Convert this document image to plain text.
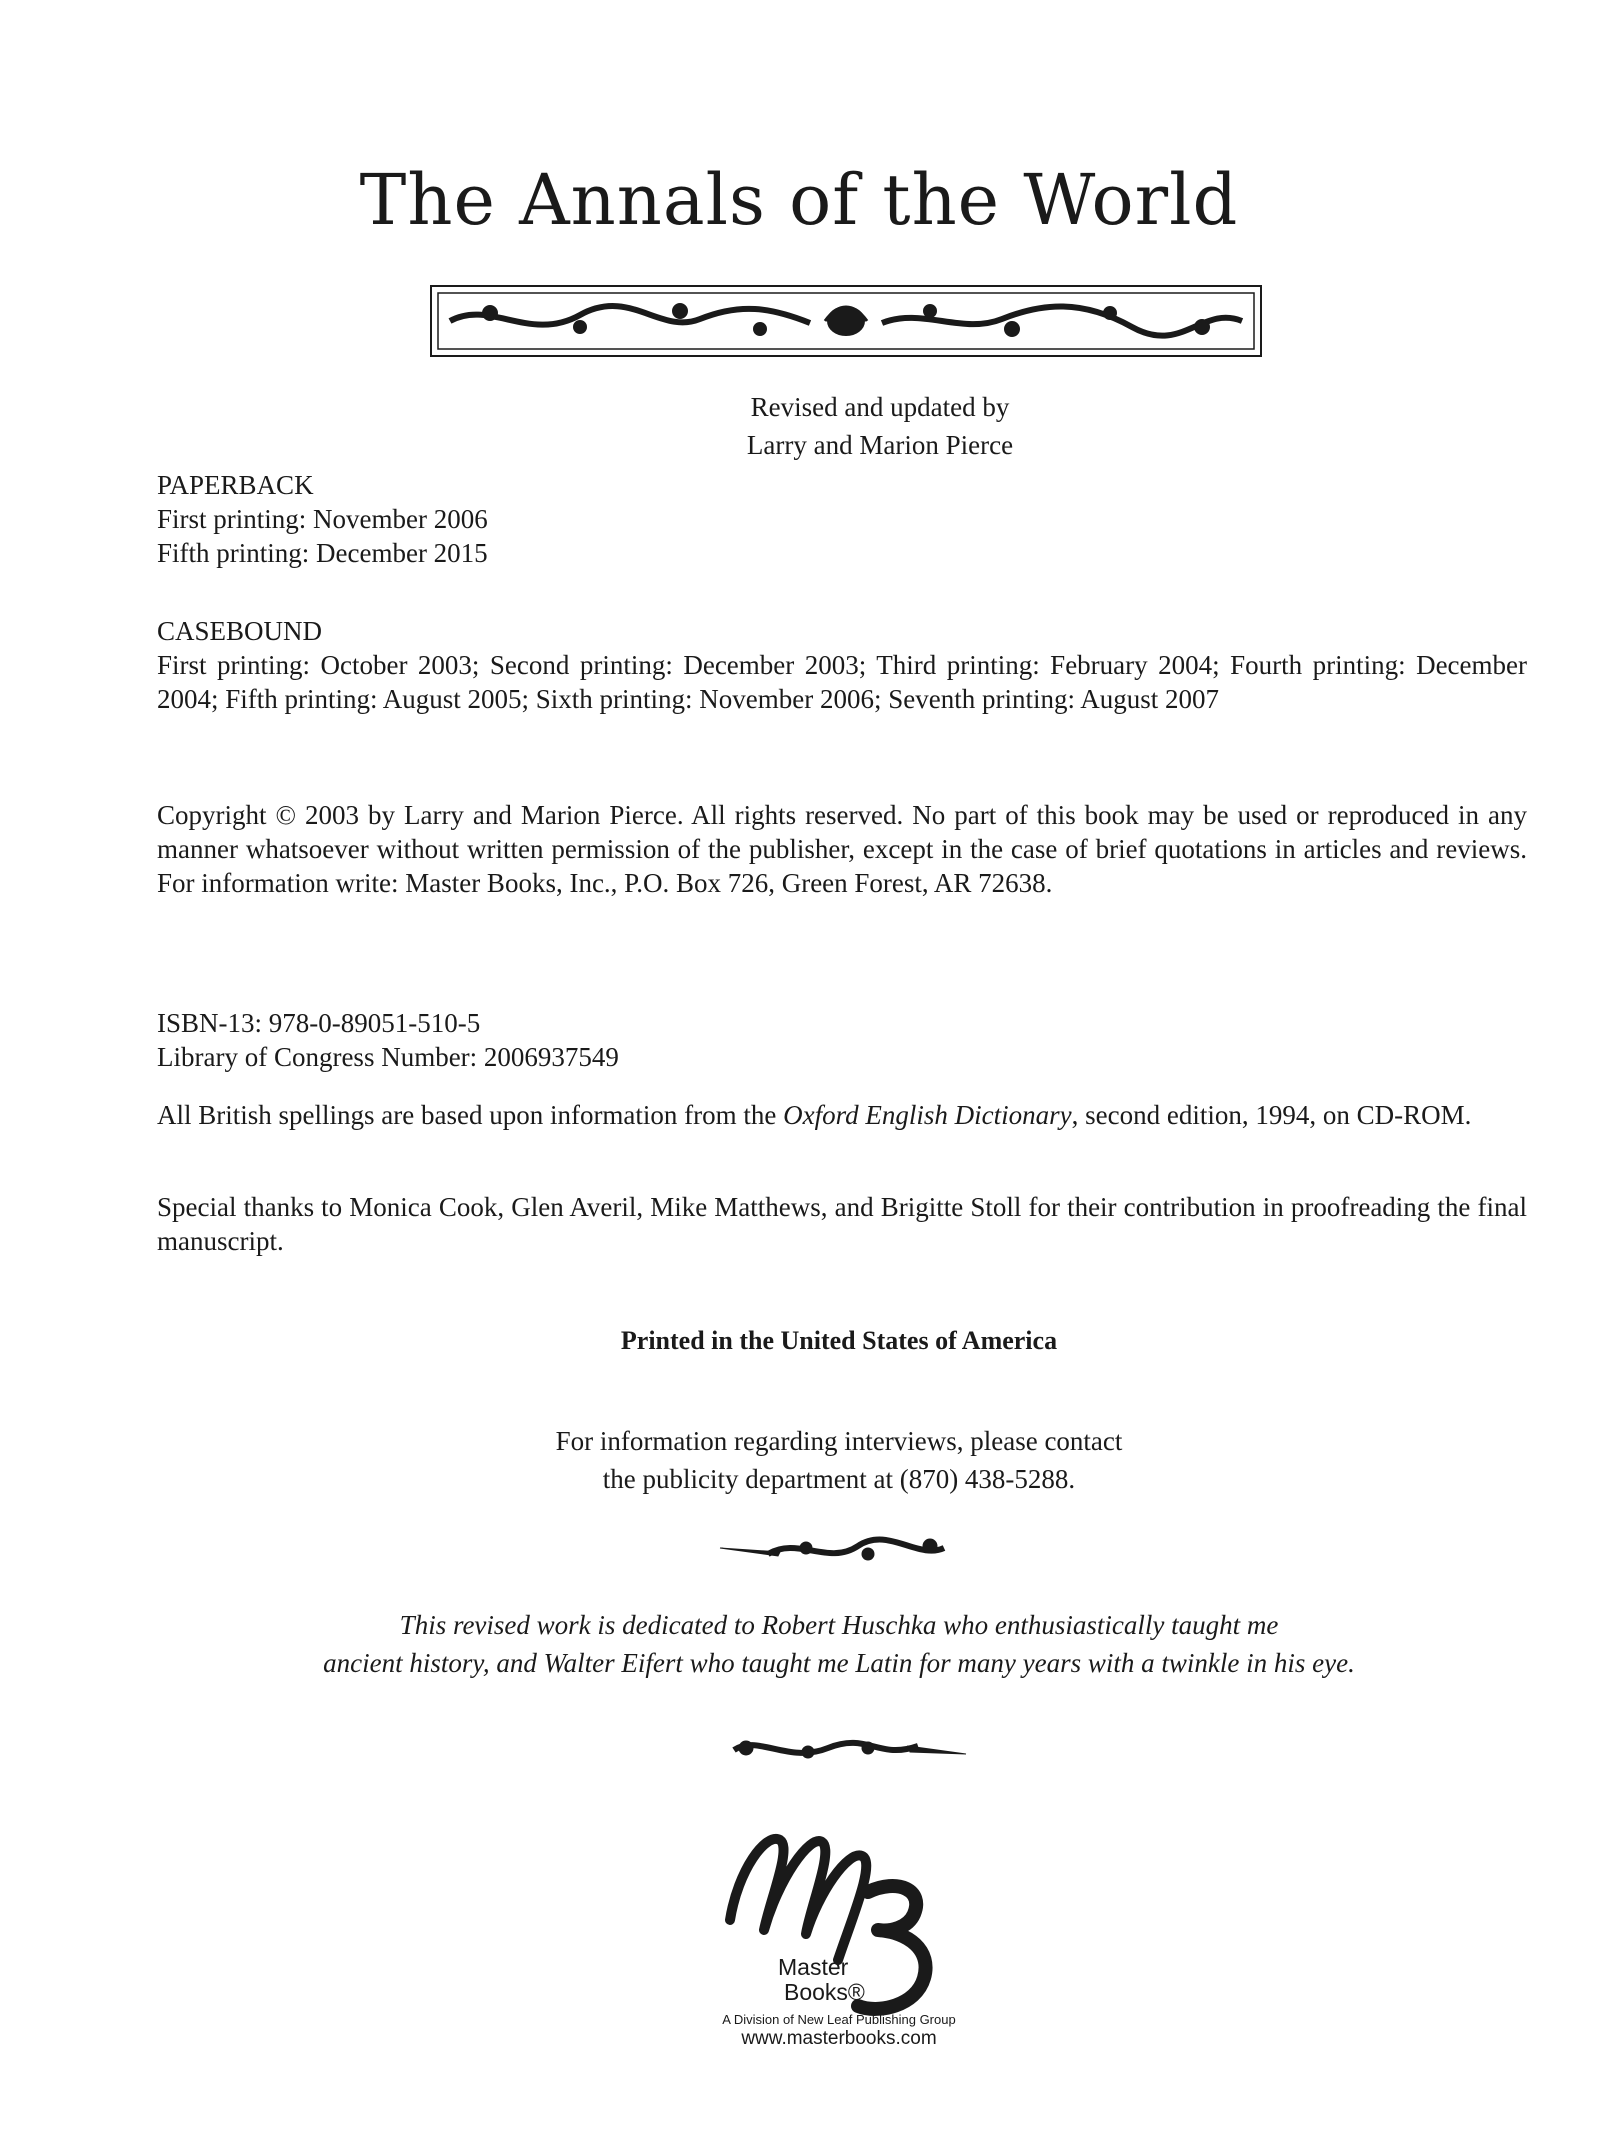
The Annals of the World
Revised and updated by
Larry and Marion Pierce

PAPERBACK

First printing: November 2006

Fifth printing: December 2015

CASEBOUND

First printing: October 2003; Second printing: December 2003; Third printing: February 2004; Fourth printing: December 2004; Fifth printing: August 2005; Sixth printing: November 2006; Seventh printing: August 2007

Copyright © 2003 by Larry and Marion Pierce. All rights reserved. No part of this book may be used or reproduced in any manner whatsoever without written permission of the publisher, except in the case of brief quotations in articles and reviews. For information write: Master Books, Inc., P.O. Box 726, Green Forest, AR 72638.

ISBN-13: 978-0-89051-510-5

Library of Congress Number: 2006937549

All British spellings are based upon information from the Oxford English Dictionary, second edition, 1994, on CD-ROM.

Special thanks to Monica Cook, Glen Averil, Mike Matthews, and Brigitte Stoll for their contribution in proofreading the final manuscript.

Printed in the United States of America
For information regarding interviews, please contact
the publicity department at (870) 438-5288.
This revised work is dedicated to Robert Huschka who enthusiastically taught me
ancient history, and Walter Eifert who taught me Latin for many years with a twinkle in his eye.
Master
Books®
A Division of New Leaf Publishing Group
www.masterbooks.com
